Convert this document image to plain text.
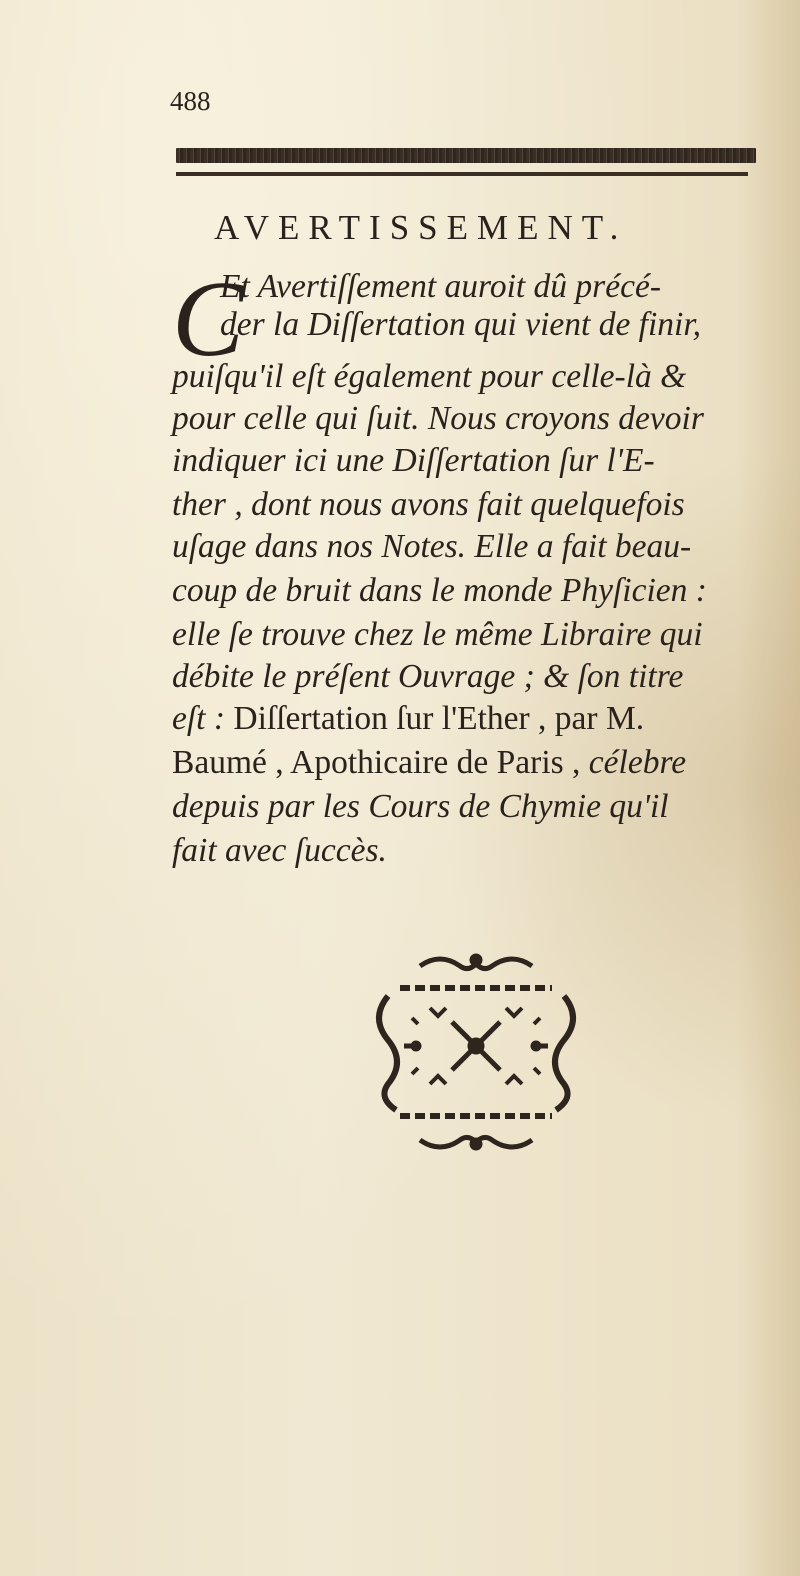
488
AVERTISSEMENT.
C
Et Avertiſſement auroit dû précé-
der la Diſſertation qui vient de finir,
puiſqu'il eſt également pour celle-là &
pour celle qui ſuit. Nous croyons devoir
indiquer ici une Diſſertation ſur l'E-
ther , dont nous avons fait quelquefois
uſage dans nos Notes. Elle a fait beau-
coup de bruit dans le monde Phyſicien :
elle ſe trouve chez le même Libraire qui
débite le préſent Ouvrage ; & ſon titre
eſt : Diſſertation ſur l'Ether , par M.
Baumé , Apothicaire de Paris , célebre
depuis par les Cours de Chymie qu'il
fait avec ſuccès.
